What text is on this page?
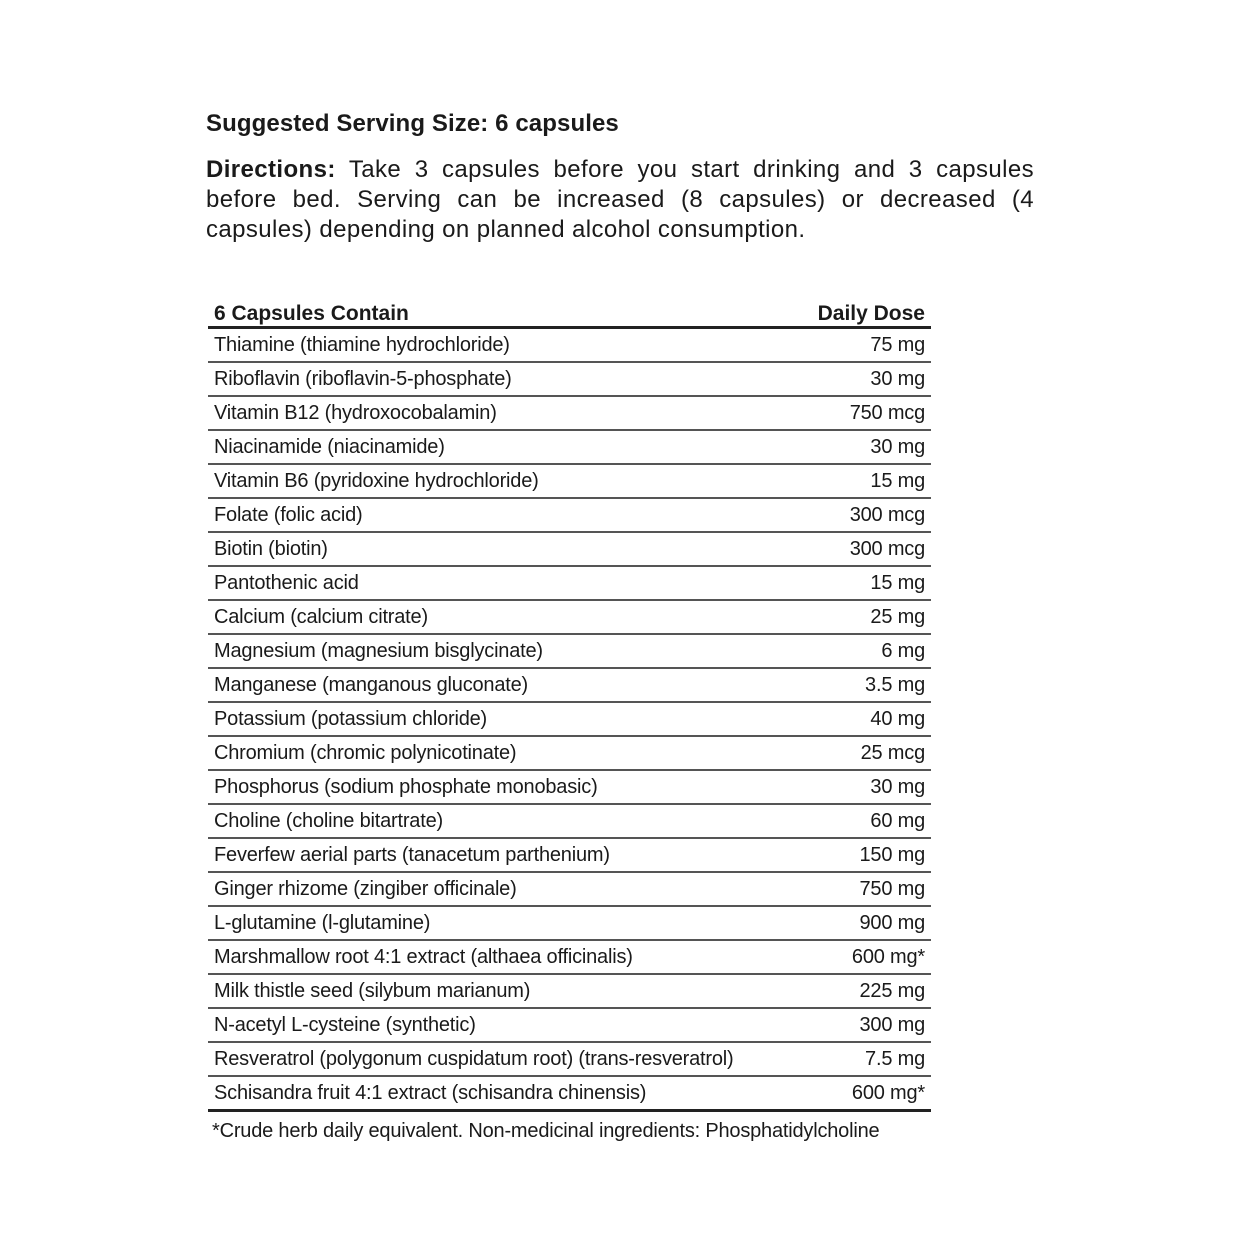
Suggested Serving Size: 6 capsules
Directions: Take 3 capsules before you start drinking and 3 capsules before bed. Serving can be increased (8 capsules) or decreased (4 capsules) depending on planned alcohol consumption.
6 Capsules Contain	Daily Dose
Thiamine (thiamine hydrochloride)	75 mg
Riboflavin (riboflavin-5-phosphate)	30 mg
Vitamin B12 (hydroxocobalamin)	750 mcg
Niacinamide (niacinamide)	30 mg
Vitamin B6 (pyridoxine hydrochloride)	15 mg
Folate (folic acid)	300 mcg
Biotin (biotin)	300 mcg
Pantothenic acid	15 mg
Calcium (calcium citrate)	25 mg
Magnesium (magnesium bisglycinate)	6 mg
Manganese (manganous gluconate)	3.5 mg
Potassium (potassium chloride)	40 mg
Chromium (chromic polynicotinate)	25 mcg
Phosphorus (sodium phosphate monobasic)	30 mg
Choline (choline bitartrate)	60 mg
Feverfew aerial parts (tanacetum parthenium)	150 mg
Ginger rhizome (zingiber officinale)	750 mg
L-glutamine (l-glutamine)	900 mg
Marshmallow root 4:1 extract (althaea officinalis)	600 mg*
Milk thistle seed (silybum marianum)	225 mg
N-acetyl L-cysteine (synthetic)	300 mg
Resveratrol (polygonum cuspidatum root) (trans-resveratrol)	7.5 mg
Schisandra fruit 4:1 extract (schisandra chinensis)	600 mg*
*Crude herb daily equivalent. Non-medicinal ingredients: Phosphatidylcholine
